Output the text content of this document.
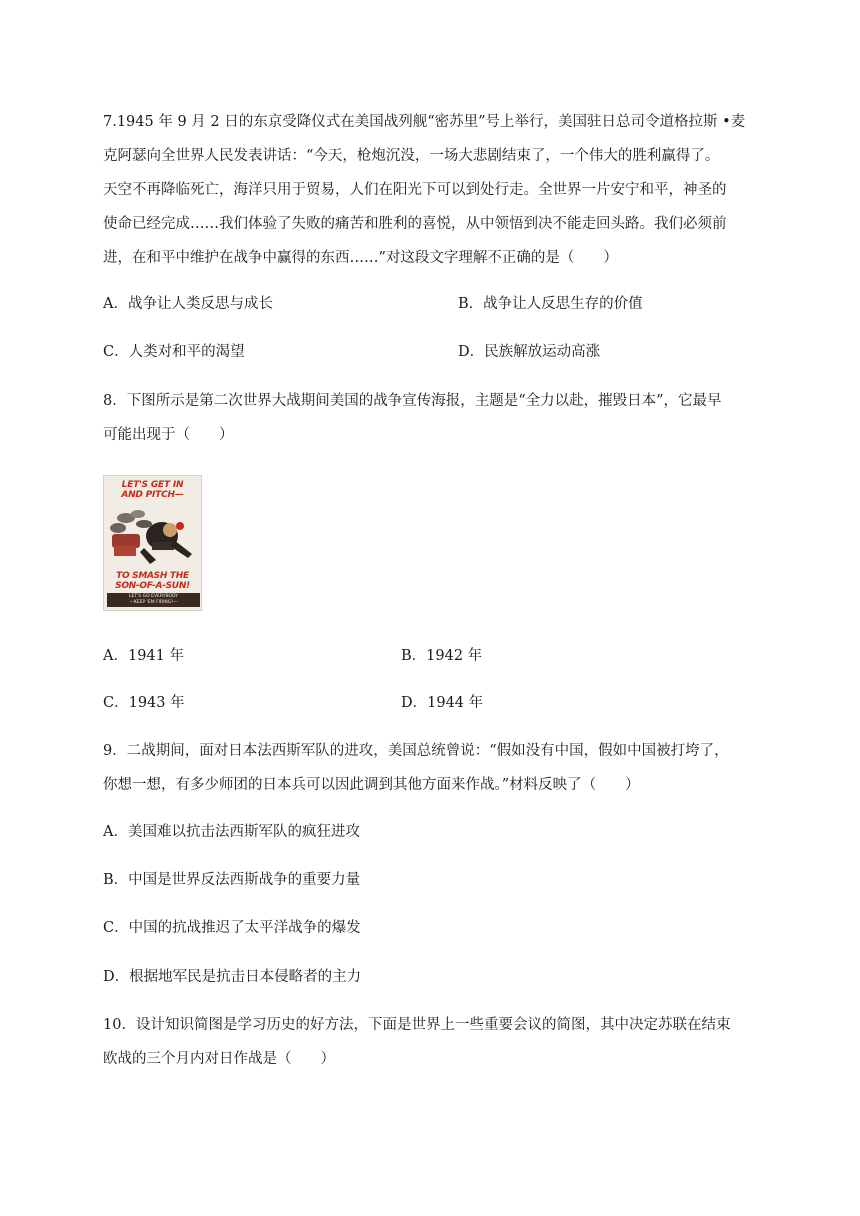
7.1945 年 9 月 2 日的东京受降仪式在美国战列舰“密苏里”号上举行，美国驻日总司令道格拉斯 •麦
克阿瑟向全世界人民发表讲话：“今天，枪炮沉没，一场大悲剧结束了，一个伟大的胜利赢得了。
天空不再降临死亡，海洋只用于贸易，人们在阳光下可以到处行走。全世界一片安宁和平，神圣的
使命已经完成……我们体验了失败的痛苦和胜利的喜悦，从中领悟到决不能走回头路。我们必须前
进，在和平中维护在战争中赢得的东西……”对这段文字理解不正确的是（　　）
A．战争让人类反思与成长	B．战争让人反思生存的价值
C．人类对和平的渴望	D．民族解放运动高涨
8．下图所示是第二次世界大战期间美国的战争宣传海报，主题是“全力以赴，摧毁日本”，它最早
可能出现于（　　）
LET'S GET IN
AND PITCH—
TO SMASH THE
SON-OF-A-SUN!
LET'S GO EVERYBODY
—KEEP 'EM FIRING!—
A．1941 年	B．1942 年
C．1943 年	D．1944 年
9．二战期间，面对日本法西斯军队的进攻，美国总统曾说：“假如没有中国，假如中国被打垮了，
你想一想，有多少师团的日本兵可以因此调到其他方面来作战。”材料反映了（　　）
A．美国难以抗击法西斯军队的疯狂进攻
B．中国是世界反法西斯战争的重要力量
C．中国的抗战推迟了太平洋战争的爆发
D．根据地军民是抗击日本侵略者的主力
10．设计知识简图是学习历史的好方法，下面是世界上一些重要会议的简图，其中决定苏联在结束
欧战的三个月内对日作战是（　　）
